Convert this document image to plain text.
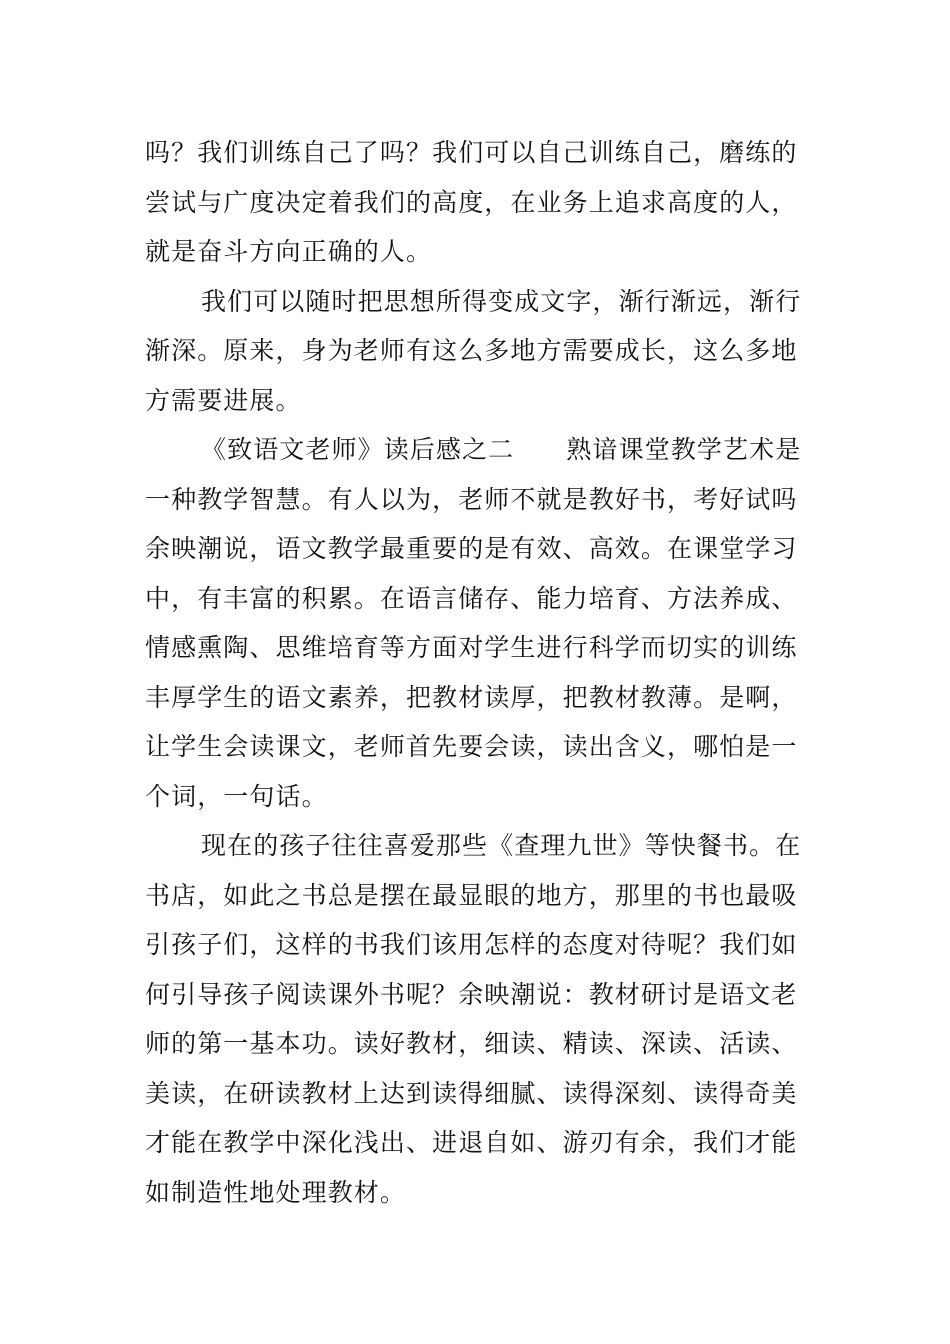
吗？我们训练自己了吗？我们可以自己训练自己，磨练的
尝试与广度决定着我们的高度，在业务上追求高度的人，
就是奋斗方向正确的人。
我们可以随时把思想所得变成文字，渐行渐远，渐行
渐深。原来，身为老师有这么多地方需要成长，这么多地
方需要进展。
《致语文老师》读后感之二　　熟谙课堂教学艺术是
一种教学智慧。有人以为，老师不就是教好书，考好试吗
余映潮说，语文教学最重要的是有效、高效。在课堂学习
中，有丰富的积累。在语言储存、能力培育、方法养成、
情感熏陶、思维培育等方面对学生进行科学而切实的训练
丰厚学生的语文素养，把教材读厚，把教材教薄。是啊，
让学生会读课文，老师首先要会读，读出含义，哪怕是一
个词，一句话。
现在的孩子往往喜爱那些《查理九世》等快餐书。在
书店，如此之书总是摆在最显眼的地方，那里的书也最吸
引孩子们，这样的书我们该用怎样的态度对待呢？我们如
何引导孩子阅读课外书呢？余映潮说：教材研讨是语文老
师的第一基本功。读好教材，细读、精读、深读、活读、
美读，在研读教材上达到读得细腻、读得深刻、读得奇美
才能在教学中深化浅出、进退自如、游刃有余，我们才能
如制造性地处理教材。
